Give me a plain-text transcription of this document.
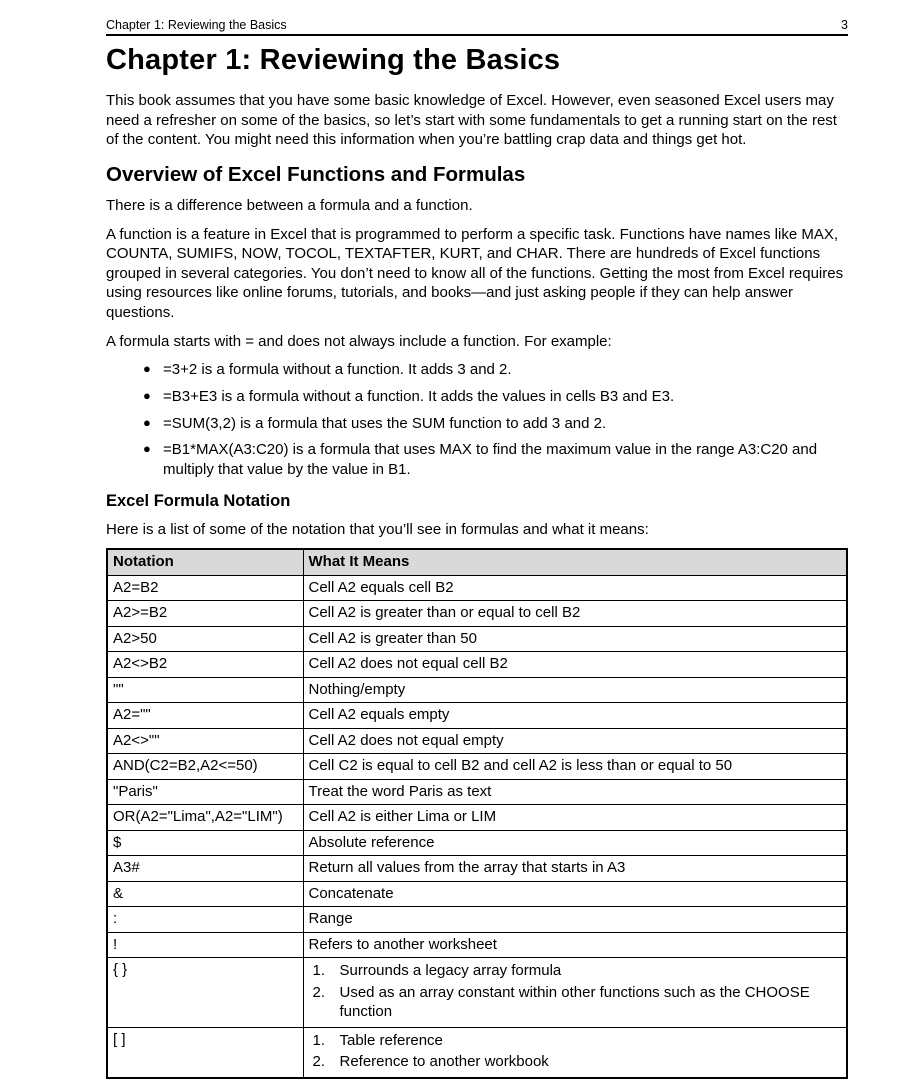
Chapter 1: Reviewing the Basics	3
Chapter 1: Reviewing the Basics

This book assumes that you have some basic knowledge of Excel. However, even seasoned Excel users may need a refresher on some of the basics, so let’s start with some fundamentals to get a running start on the rest of the content. You might need this information when you’re battling crap data and things get hot.

Overview of Excel Functions and Formulas

There is a difference between a formula and a function.

A function is a feature in Excel that is programmed to perform a specific task. Functions have names like MAX, COUNTA, SUMIFS, NOW, TOCOL, TEXTAFTER, KURT, and CHAR. There are hundreds of Excel functions grouped in several categories. You don’t need to know all of the functions. Getting the most from Excel requires using resources like online forums, tutorials, and books—and just asking people if they can help answer questions.

A formula starts with = and does not always include a function. For example:

● =3+2 is a formula without a function. It adds 3 and 2.
● =B3+E3 is a formula without a function. It adds the values in cells B3 and E3.
● =SUM(3,2) is a formula that uses the SUM function to add 3 and 2.
● =B1*MAX(A3:C20) is a formula that uses MAX to find the maximum value in the range A3:C20 and multiply that value by the value in B1.
Excel Formula Notation

Here is a list of some of the notation that you’ll see in formulas and what it means:

Notation	What It Means
A2=B2	Cell A2 equals cell B2
A2>=B2	Cell A2 is greater than or equal to cell B2
A2>50	Cell A2 is greater than 50
A2<>B2	Cell A2 does not equal cell B2
""	Nothing/empty
A2=""	Cell A2 equals empty
A2<>""	Cell A2 does not equal empty
AND(C2=B2,A2<=50)	Cell C2 is equal to cell B2 and cell A2 is less than or equal to 50
"Paris"	Treat the word Paris as text
OR(A2="Lima",A2="LIM")	Cell A2 is either Lima or LIM
$	Absolute reference
A3#	Return all values from the array that starts in A3
&	Concatenate
:	Range
!	Refers to another worksheet
{ }	Surrounds a legacy array formula
Used as an array constant within other functions such as the CHOOSE function

[ ]	Table reference
Reference to another workbook
